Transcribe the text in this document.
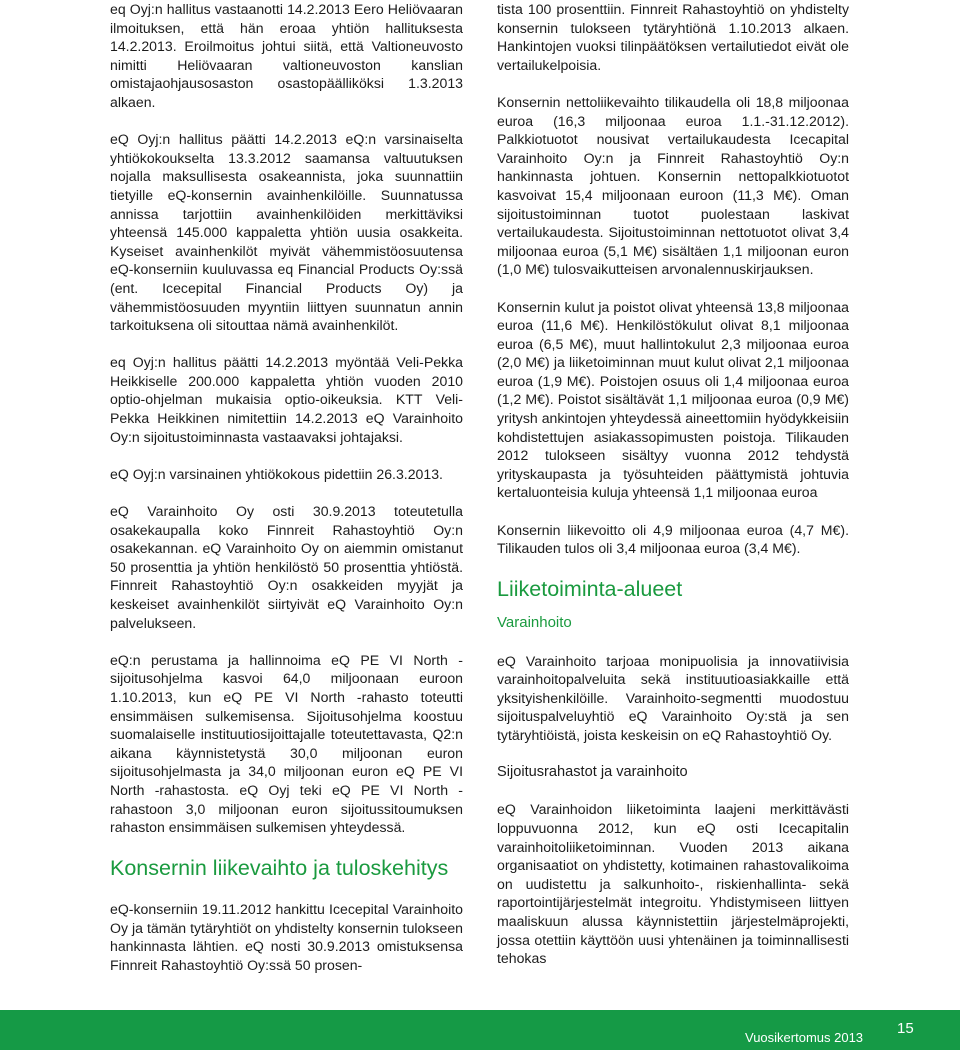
eq Oyj:n hallitus vastaanotti 14.2.2013 Eero Heliövaaran ilmoituksen, että hän eroaa yhtiön hallituksesta 14.2.2013. Eroilmoitus johtui siitä, että Valtioneuvosto nimitti Heliövaaran valtioneuvoston kanslian omistajaohjausosaston osastopäälliköksi 1.3.2013 alkaen.

eQ Oyj:n hallitus päätti 14.2.2013 eQ:n varsinaiselta yhtiökokoukselta 13.3.2012 saamansa valtuutuksen nojalla maksullisesta osakeannista, joka suunnattiin tietyille eQ-konsernin avainhenkilöille. Suunnatussa annissa tarjottiin avainhenkilöiden merkittäviksi yhteensä 145.000 kappaletta yhtiön uusia osakkeita. Kyseiset avainhenkilöt myivät vähemmistöosuutensa eQ-konserniin kuuluvassa eq Financial Products Oy:ssä (ent. Icecepital Financial Products Oy) ja vähemmistöosuuden myyntiin liittyen suunnatun annin tarkoituksena oli sitouttaa nämä avainhenkilöt.

eq Oyj:n hallitus päätti 14.2.2013 myöntää Veli-Pekka Heikkiselle 200.000 kappaletta yhtiön vuoden 2010 optio-ohjelman mukaisia optio-oikeuksia. KTT Veli-Pekka Heikkinen nimitettiin 14.2.2013 eQ Varainhoito Oy:n sijoitustoiminnasta vastaavaksi johtajaksi.

eQ Oyj:n varsinainen yhtiökokous pidettiin 26.3.2013.

eQ Varainhoito Oy osti 30.9.2013 toteutetulla osakekaupalla koko Finnreit Rahastoyhtiö Oy:n osakekannan. eQ Varainhoito Oy on aiemmin omistanut 50 prosenttia ja yhtiön henkilöstö 50 prosenttia yhtiöstä. Finnreit Rahastoyhtiö Oy:n osakkeiden myyjät ja keskeiset avainhenkilöt siirtyivät eQ Varainhoito Oy:n palvelukseen.

eQ:n perustama ja hallinnoima eQ PE VI North -sijoitusohjelma kasvoi 64,0 miljoonaan euroon 1.10.2013, kun eQ PE VI North -rahasto toteutti ensimmäisen sulkemisensa. Sijoitusohjelma koostuu suomalaiselle instituutiosijoittajalle toteutettavasta, Q2:n aikana käynnistetystä 30,0 miljoonan euron sijoitusohjelmasta ja 34,0 miljoonan euron eQ PE VI North -rahastosta. eQ Oyj teki eQ PE VI North -rahastoon 3,0 miljoonan euron sijoitussitoumuksen rahaston ensimmäisen sulkemisen yhteydessä.

Konsernin liikevaihto ja tuloskehitys

eQ-konserniin 19.11.2012 hankittu Icecepital Varainhoito Oy ja tämän tytäryhtiöt on yhdistelty konsernin tulokseen hankinnasta lähtien. eQ nosti 30.9.2013 omistuksensa Finnreit Rahastoyhtiö Oy:ssä 50 prosen-

tista 100 prosenttiin. Finnreit Rahastoyhtiö on yhdistelty konsernin tulokseen tytäryhtiönä 1.10.2013 alkaen. Hankintojen vuoksi tilinpäätöksen vertailutiedot eivät ole vertailukelpoisia.

Konsernin nettoliikevaihto tilikaudella oli 18,8 miljoonaa euroa (16,3 miljoonaa euroa 1.1.-31.12.2012). Palkkiotuotot nousivat vertailukaudesta Icecapital Varainhoito Oy:n ja Finnreit Rahastoyhtiö Oy:n hankinnasta johtuen. Konsernin nettopalkkiotuotot kasvoivat 15,4 miljoonaan euroon (11,3 M€). Oman sijoitustoiminnan tuotot puolestaan laskivat vertailukaudesta. Sijoitustoiminnan nettotuotot olivat 3,4 miljoonaa euroa (5,1 M€) sisältäen 1,1 miljoonan euron (1,0 M€) tulosvaikutteisen arvonalennuskirjauksen.

Konsernin kulut ja poistot olivat yhteensä 13,8 miljoonaa euroa (11,6 M€). Henkilöstökulut olivat 8,1 miljoonaa euroa (6,5 M€), muut hallintokulut 2,3 miljoonaa euroa (2,0 M€) ja liiketoiminnan muut kulut olivat 2,1 miljoonaa euroa (1,9 M€). Poistojen osuus oli 1,4 miljoonaa euroa (1,2 M€). Poistot sisältävät 1,1 miljoonaa euroa (0,9 M€) yritysh ankintojen yhteydessä aineettomiin hyödykkeisiin kohdistettujen asiakassopimusten poistoja. Tilikauden 2012 tulokseen sisältyy vuonna 2012 tehdystä yrityskaupasta ja työsuhteiden päättymistä johtuvia kertaluonteisia kuluja yhteensä 1,1 miljoonaa euroa

Konsernin liikevoitto oli 4,9 miljoonaa euroa (4,7 M€). Tilikauden tulos oli 3,4 miljoonaa euroa (3,4 M€).

Liiketoiminta-alueet
Varainhoito

eQ Varainhoito tarjoaa monipuolisia ja innovatiivisia varainhoitopalveluita sekä instituutioasiakkaille että yksityishenkilöille. Varainhoito-segmentti muodostuu sijoituspalveluyhtiö eQ Varainhoito Oy:stä ja sen tytäryhtiöistä, joista keskeisin on eQ Rahastoyhtiö Oy.

Sijoitusrahastot ja varainhoito

eQ Varainhoidon liiketoiminta laajeni merkittävästi loppuvuonna 2012, kun eQ osti Icecapitalin varainhoitoliiketoiminnan. Vuoden 2013 aikana organisaatiot on yhdistetty, kotimainen rahastovalikoima on uudistettu ja salkunhoito-, riskienhallinta- sekä raportointijärjestelmät integroitu. Yhdistymiseen liittyen maaliskuun alussa käynnistettiin järjestelmäprojekti, jossa otettiin käyttöön uusi yhtenäinen ja toiminnallisesti tehokas

Vuosikertomus 2013
15
